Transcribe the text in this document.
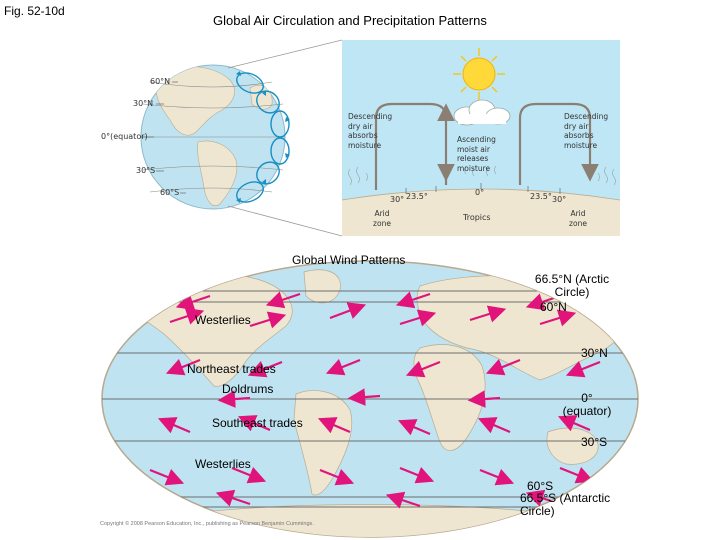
Fig. 52-10d
Global Air Circulation and Precipitation Patterns
60°N
30°N
0°(equator)
30°S
60°S
Descending dry air absorbs moisture
Ascending moist air releases moisture
Descending dry air absorbs moisture
30° 23.5°	0°	23.5° 30°
Arid zone
Tropics	Arid zone
Global Wind Patterns
66.5°N (Arctic Circle)
60°N
30°N
0° (equator)
30°S
60°S
66.5°S (Antarctic Circle)
Westerlies
Northeast trades
Doldrums
Southeast trades
Westerlies
Copyright © 2008 Pearson Education, Inc., publishing as Pearson Benjamin Cummings.
